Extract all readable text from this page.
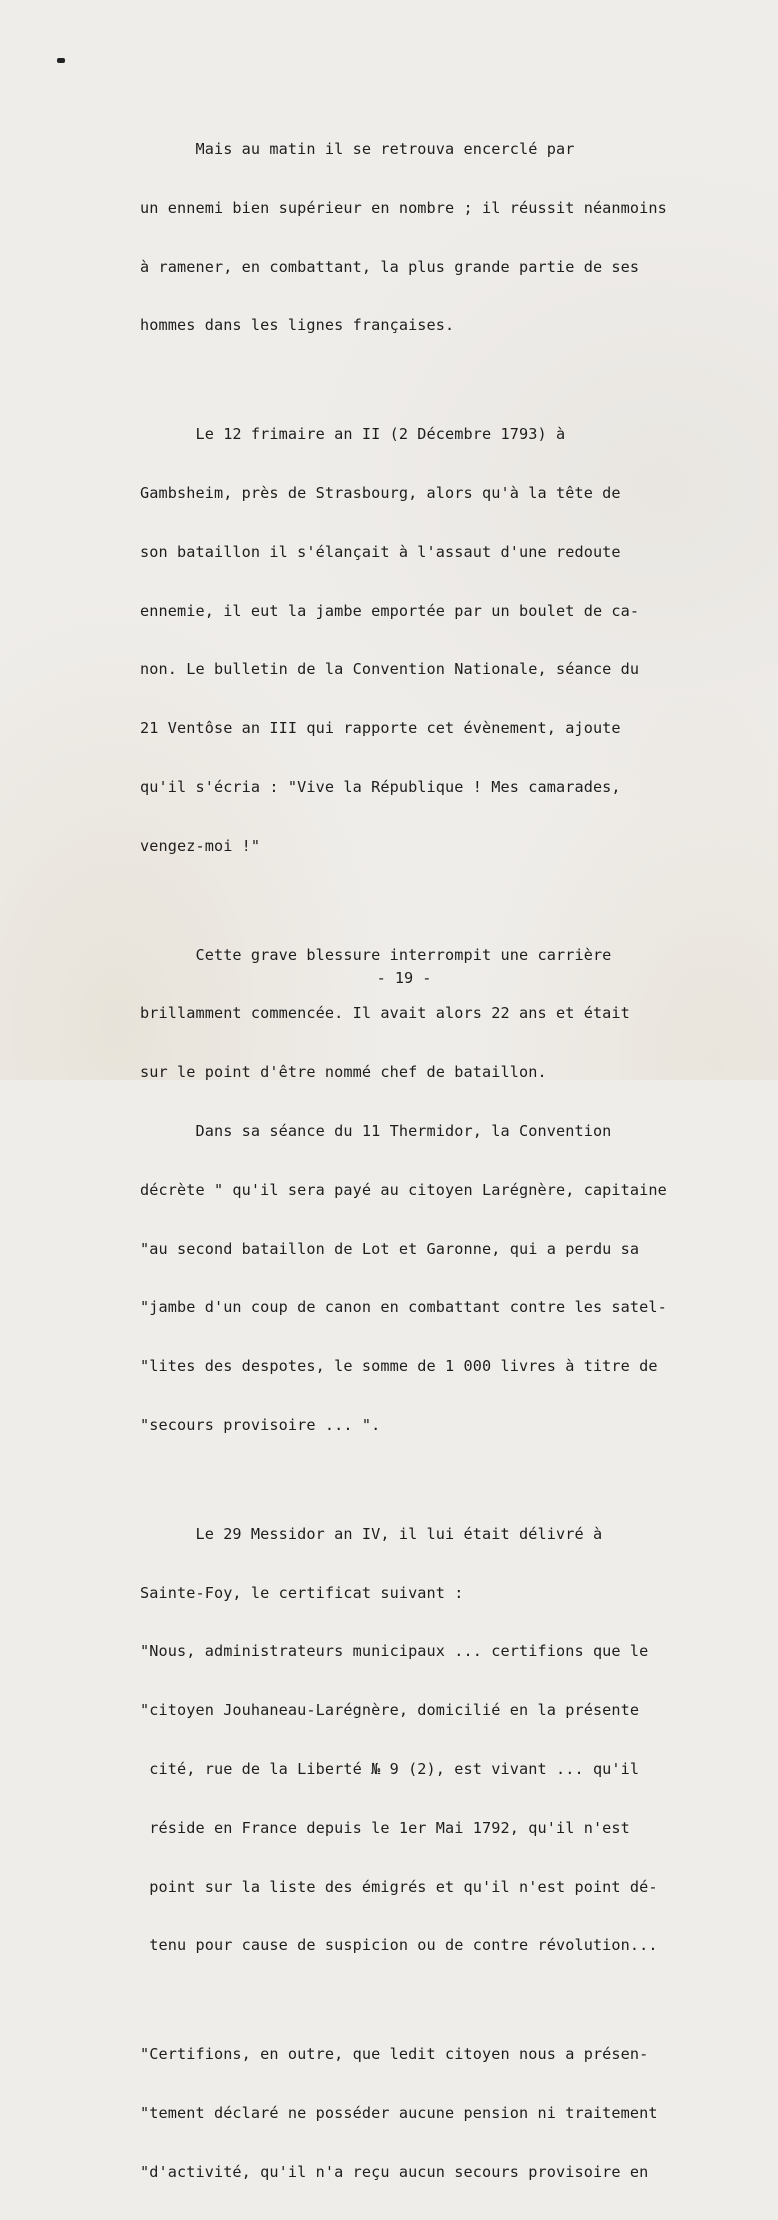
Mais au matin il se retrouva encerclé par

un ennemi bien supérieur en nombre ; il réussit néanmoins

à ramener, en combattant, la plus grande partie de ses

hommes dans les lignes françaises.

Le 12 frimaire an II (2 Décembre 1793) à

Gambsheim, près de Strasbourg, alors qu'à la tête de

son bataillon il s'élançait à l'assaut d'une redoute

ennemie, il eut la jambe emportée par un boulet de ca-

non. Le bulletin de la Convention Nationale, séance du

21 Ventôse an III qui rapporte cet évènement, ajoute

qu'il s'écria : "Vive la République ! Mes camarades,

vengez-moi !"

Cette grave blessure interrompit une carrière

brillamment commencée. Il avait alors 22 ans et était

sur le point d'être nommé chef de bataillon.

Dans sa séance du 11 Thermidor, la Convention

décrète " qu'il sera payé au citoyen Larégnère, capitaine

"au second bataillon de Lot et Garonne, qui a perdu sa

"jambe d'un coup de canon en combattant contre les satel-

"lites des despotes, le somme de 1 000 livres à titre de

"secours provisoire ... ".

Le 29 Messidor an IV, il lui était délivré à

Sainte-Foy, le certificat suivant :

"Nous, administrateurs municipaux ... certifions que le

"citoyen Jouhaneau-Larégnère, domicilié en la présente

cité, rue de la Liberté № 9 (2), est vivant ... qu'il

réside en France depuis le 1er Mai 1792, qu'il n'est

point sur la liste des émigrés et qu'il n'est point dé-

tenu pour cause de suspicion ou de contre révolution...

"Certifions, en outre, que ledit citoyen nous a présen-

"tement déclaré ne posséder aucune pension ni traitement

"d'activité, qu'il n'a reçu aucun secours provisoire en

- 19 -
